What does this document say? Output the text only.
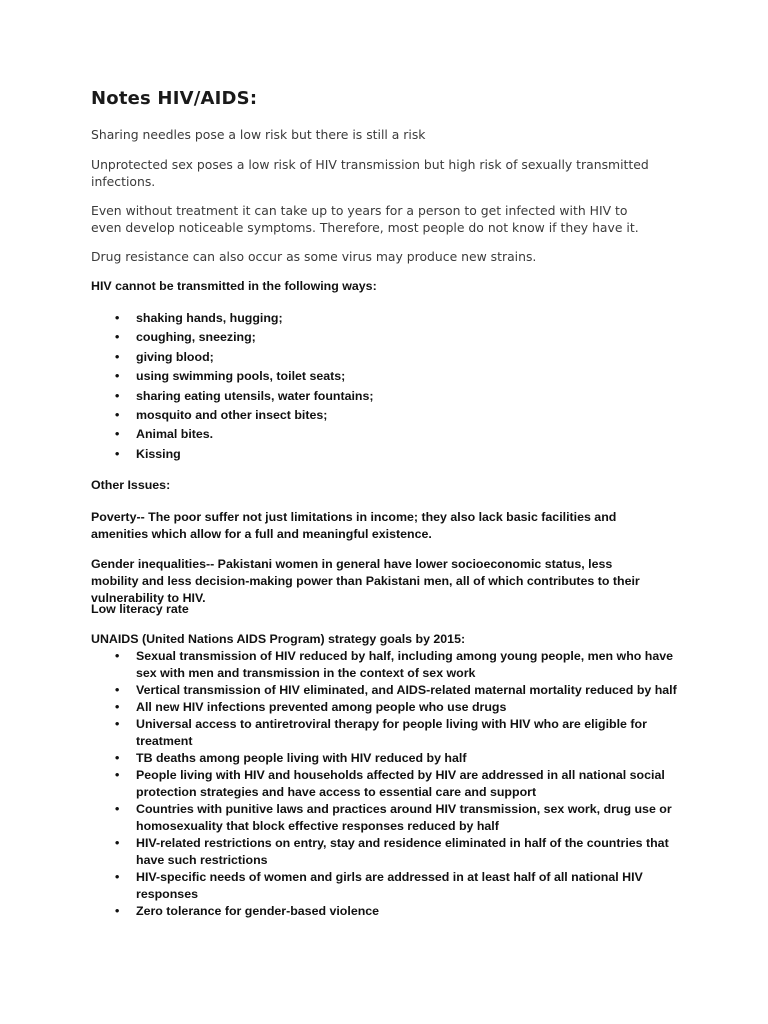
Notes HIV/AIDS:

Sharing needles pose a low risk but there is still a risk

Unprotected sex poses a low risk of HIV transmission but high risk of sexually transmitted infections.

Even without treatment it can take up to years for a person to get infected with HIV to even develop noticeable symptoms. Therefore, most people do not know if they have it.

Drug resistance can also occur as some virus may produce new strains.

HIV cannot be transmitted in the following ways:

• shaking hands, hugging;
• coughing, sneezing;
• giving blood;
• using swimming pools, toilet seats;
• sharing eating utensils, water fountains;
• mosquito and other insect bites;
• Animal bites.
• Kissing

Other Issues:

Poverty-- The poor suffer not just limitations in income; they also lack basic facilities and amenities which allow for a full and meaningful existence.

Gender inequalities-- Pakistani women in general have lower socioeconomic status, less mobility and less decision-making power than Pakistani men, all of which contributes to their vulnerability to HIV.

Low literacy rate

UNAIDS (United Nations AIDS Program) strategy goals by 2015:

• Sexual transmission of HIV reduced by half, including among young people, men who have sex with men and transmission in the context of sex work
• Vertical transmission of HIV eliminated, and AIDS-related maternal mortality reduced by half
• All new HIV infections prevented among people who use drugs
• Universal access to antiretroviral therapy for people living with HIV who are eligible for treatment
• TB deaths among people living with HIV reduced by half
• People living with HIV and households affected by HIV are addressed in all national social protection strategies and have access to essential care and support
• Countries with punitive laws and practices around HIV transmission, sex work, drug use or homosexuality that block effective responses reduced by half
• HIV-related restrictions on entry, stay and residence eliminated in half of the countries that have such restrictions
• HIV-specific needs of women and girls are addressed in at least half of all national HIV responses
• Zero tolerance for gender-based violence
